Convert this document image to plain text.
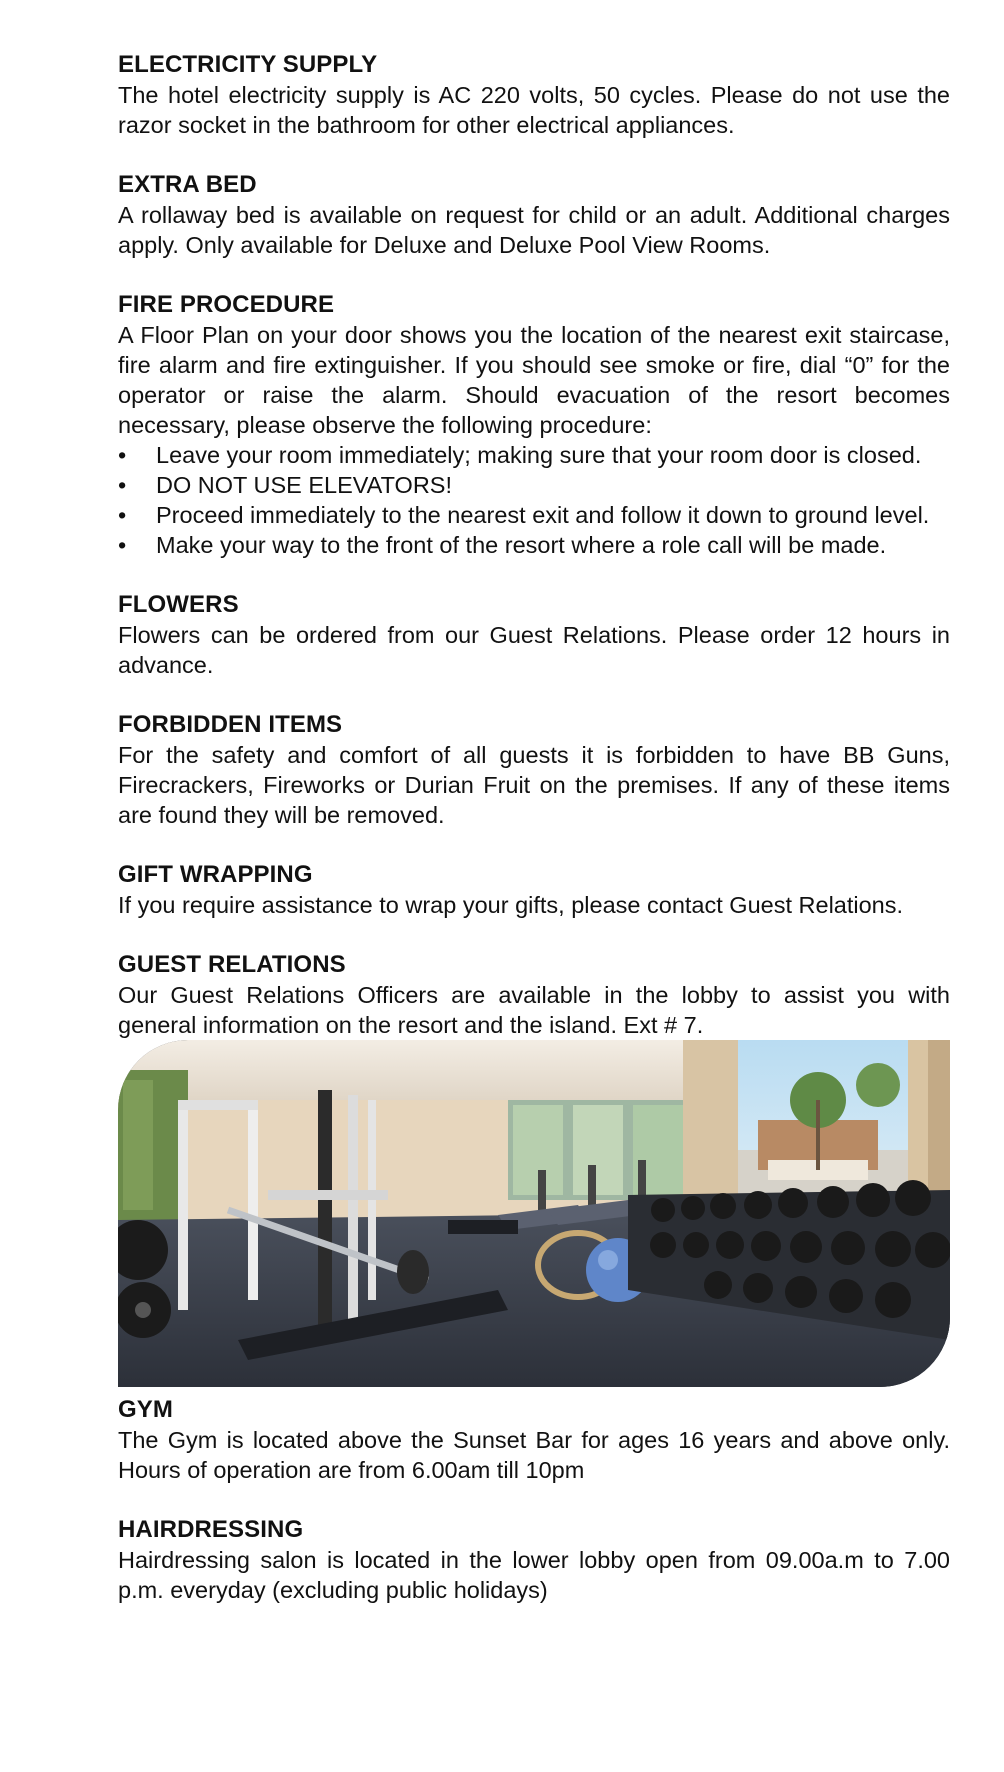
ELECTRICITY SUPPLY
The hotel electricity supply is AC 220 volts, 50 cycles. Please do not use the razor socket in the bathroom for other electrical appliances.
EXTRA BED
A rollaway bed is available on request for child or an adult. Additional charges apply. Only available for Deluxe and Deluxe Pool View Rooms.
FIRE PROCEDURE
A Floor Plan on your door shows you the location of the nearest exit staircase, fire alarm and fire extinguisher. If you should see smoke or fire, dial “0” for the operator or raise the alarm. Should evacuation of the resort becomes necessary, please observe the following procedure:
• Leave your room immediately; making sure that your room door is closed.
• DO NOT USE ELEVATORS!
• Proceed immediately to the nearest exit and follow it down to ground level.
• Make your way to the front of the resort where a role call will be made.
FLOWERS
Flowers can be ordered from our Guest Relations. Please order 12 hours in advance.
FORBIDDEN ITEMS
For the safety and comfort of all guests it is forbidden to have BB Guns, Firecrackers, Fireworks or Durian Fruit on the premises. If any of these items are found they will be removed.
GIFT WRAPPING
If you require assistance to wrap your gifts, please contact Guest Relations.
GUEST RELATIONS
Our Guest Relations Officers are available in the lobby to assist you with general information on the resort and the island. Ext # 7.
GYM
The Gym is located above the Sunset Bar for ages 16 years and above only. Hours of operation are from 6.00am till 10pm
HAIRDRESSING
Hairdressing salon is located in the lower lobby open from 09.00a.m to 7.00 p.m. everyday (excluding public holidays)
